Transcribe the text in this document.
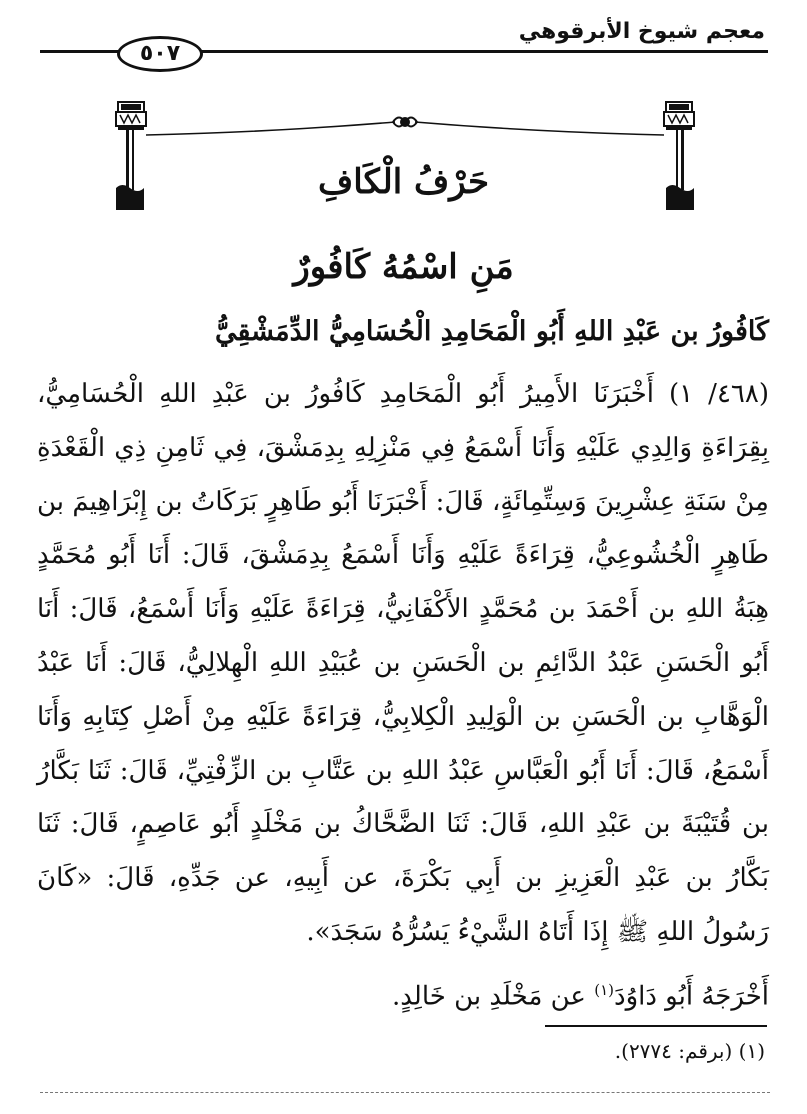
معجم شيوخ الأبرقوهي
٥٠٧
حَرْفُ الْكَافِ
مَنِ اسْمُهُ كَافُورٌ
كَافُورُ بن عَبْدِ اللهِ أَبُو الْمَحَامِدِ الْحُسَامِيُّ الدِّمَشْقِيُّ

(٤٦٨/ ١) أَخْبَرَنَا الأَمِيرُ أَبُو الْمَحَامِدِ كَافُورُ بن عَبْدِ اللهِ الْحُسَامِيُّ، بِقِرَاءَةِ وَالِدِي عَلَيْهِ وَأَنَا أَسْمَعُ فِي مَنْزِلِهِ بِدِمَشْقَ، فِي ثَامِنِ ذِي الْقَعْدَةِ مِنْ سَنَةِ عِشْرِينَ وَسِتِّمِائَةٍ، قَالَ: أَخْبَرَنَا أَبُو طَاهِرٍ بَرَكَاتُ بن إِبْرَاهِيمَ بن طَاهِرٍ الْخُشُوعِيُّ، قِرَاءَةً عَلَيْهِ وَأَنَا أَسْمَعُ بِدِمَشْقَ، قَالَ: أَنَا أَبُو مُحَمَّدٍ هِبَةُ اللهِ بن أَحْمَدَ بن مُحَمَّدٍ الأَكْفَانِيُّ، قِرَاءَةً عَلَيْهِ وَأَنَا أَسْمَعُ، قَالَ: أَنَا أَبُو الْحَسَنِ عَبْدُ الدَّائِمِ بن الْحَسَنِ بن عُبَيْدِ اللهِ الْهِلالِيُّ، قَالَ: أَنَا عَبْدُ الْوَهَّابِ بن الْحَسَنِ بن الْوَلِيدِ الْكِلابِيُّ، قِرَاءَةً عَلَيْهِ مِنْ أَصْلِ كِتَابِهِ وَأَنَا أَسْمَعُ، قَالَ: أَنَا أَبُو الْعَبَّاسِ عَبْدُ اللهِ بن عَتَّابِ بن الزِّفْتِيِّ، قَالَ: ثَنَا بَكَّارُ بن قُتَيْبَةَ بن عَبْدِ اللهِ، قَالَ: ثَنَا الضَّحَّاكُ بن مَخْلَدٍ أَبُو عَاصِمٍ، قَالَ: ثَنَا بَكَّارُ بن عَبْدِ الْعَزِيزِ بن أَبِي بَكْرَةَ، عن أَبِيهِ، عن جَدِّهِ، قَالَ: «كَانَ رَسُولُ اللهِ ﷺ إِذَا أَتَاهُ الشَّيْءُ يَسُرُّهُ سَجَدَ».

أَخْرَجَهُ أَبُو دَاوُدَ$^{(١)}$ عن مَخْلَدِ بن خَالِدٍ.
(١) (برقم: ٢٧٧٤).
